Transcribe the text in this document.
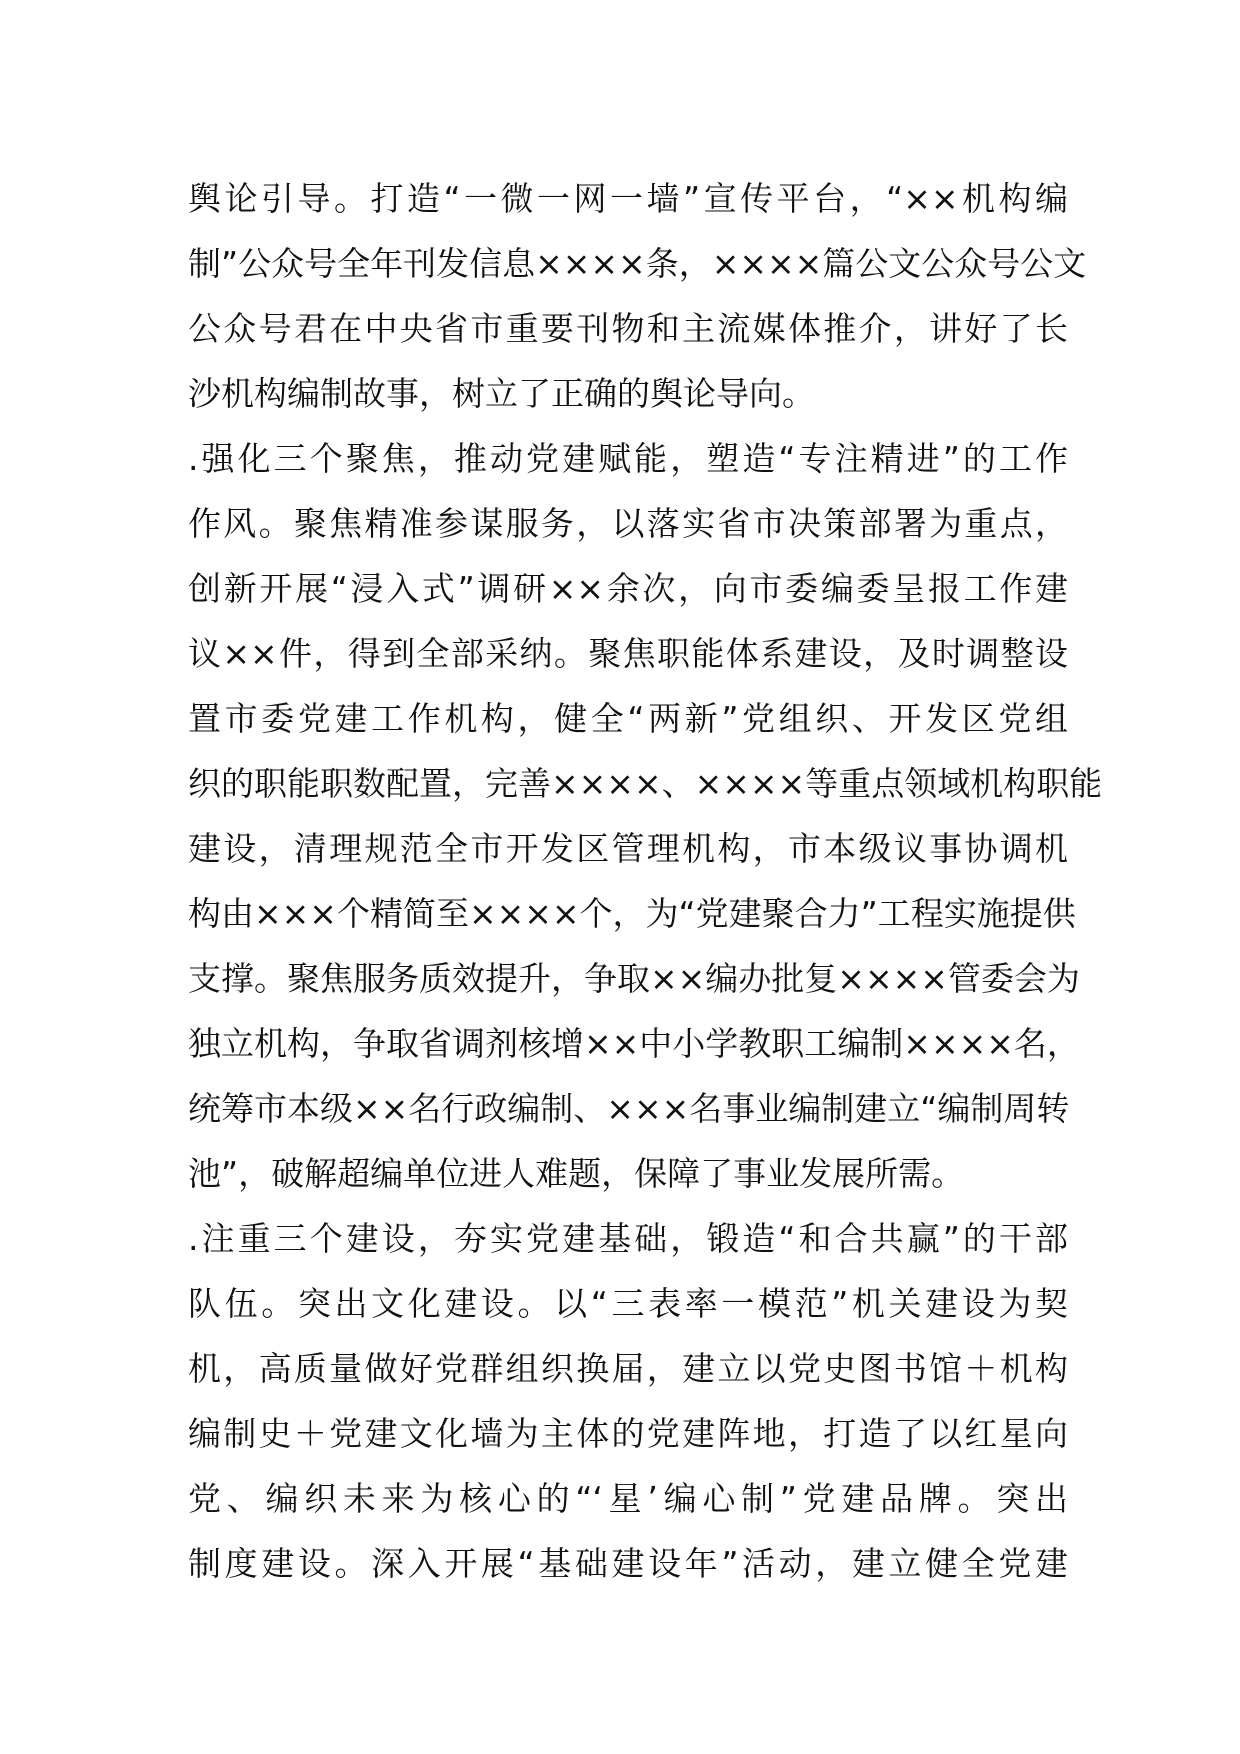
舆论引导。打造“一微一网一墙”宣传平台，“××机构编
制”公众号全年刊发信息××××条，××××篇公文公众号公文
公众号君在中央省市重要刊物和主流媒体推介，讲好了长
沙机构编制故事，树立了正确的舆论导向。
.强化三个聚焦，推动党建赋能，塑造“专注精进”的工作
作风。聚焦精准参谋服务，以落实省市决策部署为重点，
创新开展“浸入式”调研××余次，向市委编委呈报工作建
议××件，得到全部采纳。聚焦职能体系建设，及时调整设
置市委党建工作机构，健全“两新”党组织、开发区党组
织的职能职数配置，完善××××、××××等重点领域机构职能
建设，清理规范全市开发区管理机构，市本级议事协调机
构由×××个精简至××××个，为“党建聚合力”工程实施提供
支撑。聚焦服务质效提升，争取××编办批复××××管委会为
独立机构，争取省调剂核增××中小学教职工编制××××名，
统筹市本级××名行政编制、×××名事业编制建立“编制周转
池”，破解超编单位进人难题，保障了事业发展所需。
.注重三个建设，夯实党建基础，锻造“和合共赢”的干部
队伍。突出文化建设。以“三表率一模范”机关建设为契
机，高质量做好党群组织换届，建立以党史图书馆＋机构
编制史＋党建文化墙为主体的党建阵地，打造了以红星向
党、编织未来为核心的“‘星’编心制”党建品牌。突出
制度建设。深入开展“基础建设年”活动，建立健全党建
